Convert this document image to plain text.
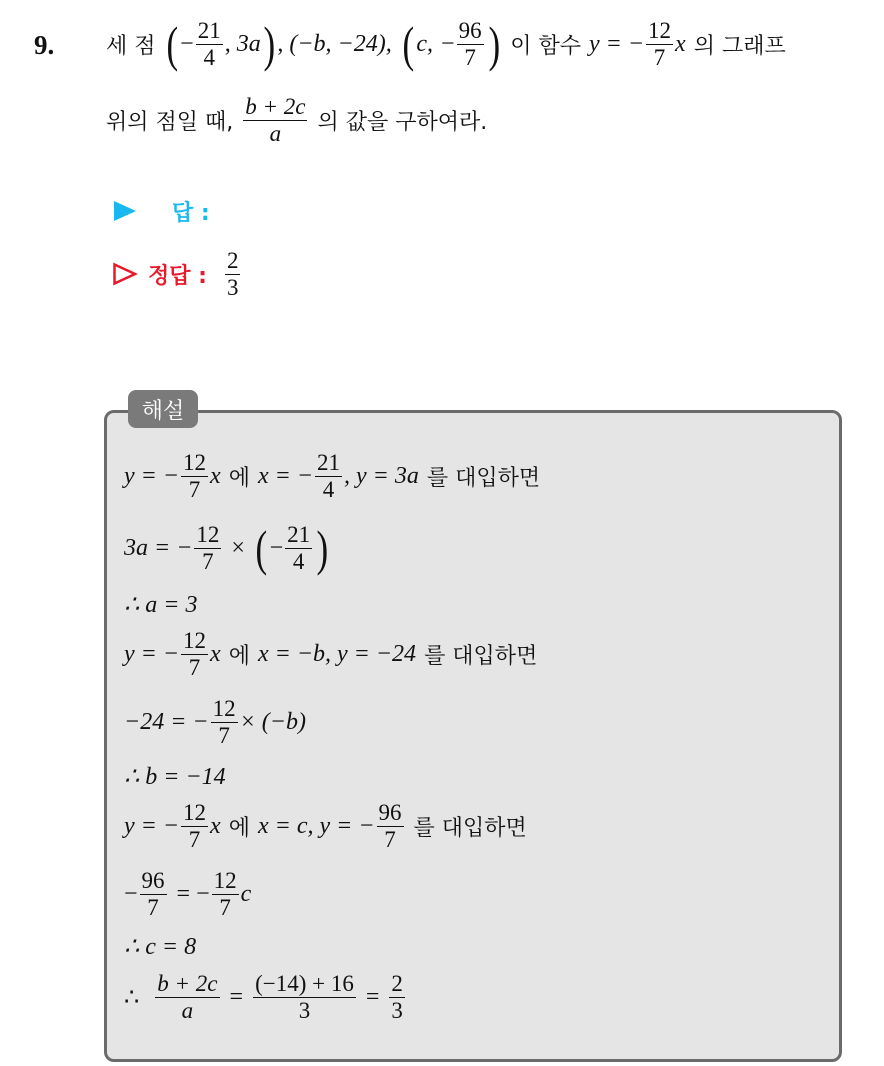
9. 세 점 ( − $\frac{21}{4}$ , 3a ) , (−b, −24), ( c, − $\frac{96}{7}$ ) 이 함수 y = − $\frac{12}{7}$ x 의 그래프
위의 점일 때, $\frac{b + 2c}{a}$ 의 값을 구하여라.
답 :
정답 : $\frac{2}{3}$
해설
y = − $\frac{12}{7}$ x 에 x = − $\frac{21}{4}$ , y = 3a 를 대입하면
3a = − $\frac{12}{7}$ × ( − $\frac{21}{4}$ )
∴ a = 3
y = − $\frac{12}{7}$ x 에 x = −b, y = −24 를 대입하면
−24 = − $\frac{12}{7} \times (-b)$
∴ b = −14
y = − $\frac{12}{7}$ x 에 x = c, y = − $\frac{96}{7}$ 를 대입하면
− $\frac{96}{7}$ = − $\frac{12}{7}$ c
∴ c = 8
∴ $\frac{b + 2c}{a} = \frac{(-14) + 16}{3} = \frac{2}{3}$
